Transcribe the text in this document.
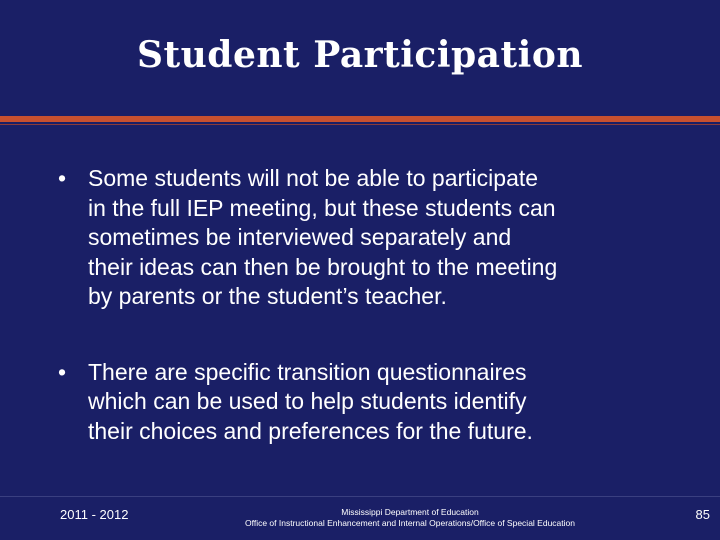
Student Participation
• Some students will not be able to participate
in the full IEP meeting, but these students can
sometimes be interviewed separately and
their ideas can then be brought to the meeting
by parents or the student’s teacher.
• There are specific transition questionnaires
which can be used to help students identify
their choices and preferences for the future.
2011 - 2012	Mississippi Department of Education
Office of Instructional Enhancement and Internal Operations/Office of Special Education
85
